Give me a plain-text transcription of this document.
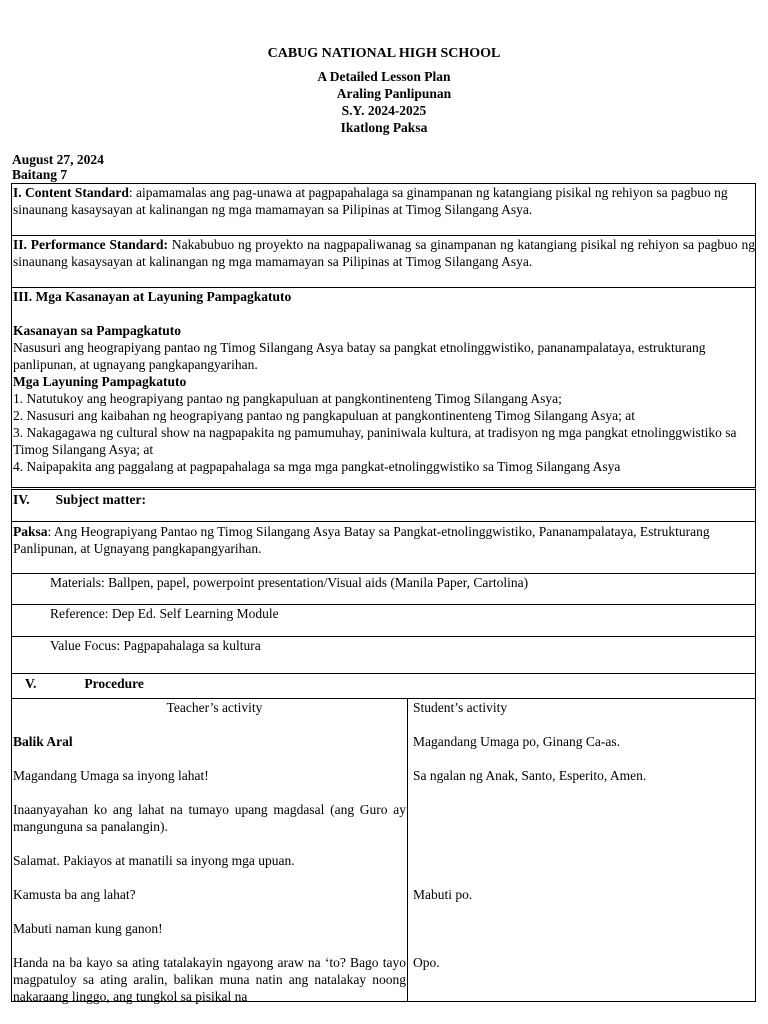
CABUG NATIONAL HIGH SCHOOL
A Detailed Lesson Plan
Araling Panlipunan
S.Y. 2024-2025
Ikatlong Paksa
August 27, 2024
Baitang 7
I. Content Standard: aipamamalas ang pag-unawa at pagpapahalaga sa ginampanan ng katangiang pisikal ng rehiyon sa pagbuo ng sinaunang kasaysayan at kalinangan ng mga mamamayan sa Pilipinas at Timog Silangang Asya.
II. Performance Standard: Nakabubuo ng proyekto na nagpapaliwanag sa ginampanan ng katangiang pisikal ng rehiyon sa pagbuo ng sinaunang kasaysayan at kalinangan ng mga mamamayan sa Pilipinas at Timog Silangang Asya.
III. Mga Kasanayan at Layuning Pampagkatuto
Kasanayan sa Pampagkatuto
Nasusuri ang heograpiyang pantao ng Timog Silangang Asya batay sa pangkat etnolinggwistiko, pananampalataya, estrukturang panlipunan, at ugnayang pangkapangyarihan.
Mga Layuning Pampagkatuto
1. Natutukoy ang heograpiyang pantao ng pangkapuluan at pangkontinenteng Timog Silangang Asya;
2. Nasusuri ang kaibahan ng heograpiyang pantao ng pangkapuluan at pangkontinenteng Timog Silangang Asya; at
3. Nakagagawa ng cultural show na nagpapakita ng pamumuhay, paniniwala kultura, at tradisyon ng mga pangkat etnolinggwistiko sa Timog Silangang Asya; at
4. Naipapakita ang paggalang at pagpapahalaga sa mga mga pangkat-etnolinggwistiko sa Timog Silangang Asya
IV. Subject matter:
Paksa: Ang Heograpiyang Pantao ng Timog Silangang Asya Batay sa Pangkat-etnolinggwistiko, Pananampalataya, Estrukturang Panlipunan, at Ugnayang pangkapangyarihan.
Materials: Ballpen, papel, powerpoint presentation/Visual aids (Manila Paper, Cartolina)
Reference: Dep Ed. Self Learning Module
Value Focus: Pagpapahalaga sa kultura
V.	Procedure
Teacher’s activity
Balik Aral
Magandang Umaga sa inyong lahat!
Inaanyayahan ko ang lahat na tumayo upang magdasal (ang Guro ay mangunguna sa panalangin).
Salamat. Pakiayos at manatili sa inyong mga upuan.
Kamusta ba ang lahat?
Mabuti naman kung ganon!
Handa na ba kayo sa ating tatalakayin ngayong araw na ‘to? Bago tayo magpatuloy sa ating aralin, balikan muna natin ang natalakay noong nakaraang linggo, ang tungkol sa pisikal na
Student’s activity
Magandang Umaga po, Ginang Ca-as.
Sa ngalan ng Anak, Santo, Esperito, Amen.
Mabuti po.
Opo.
